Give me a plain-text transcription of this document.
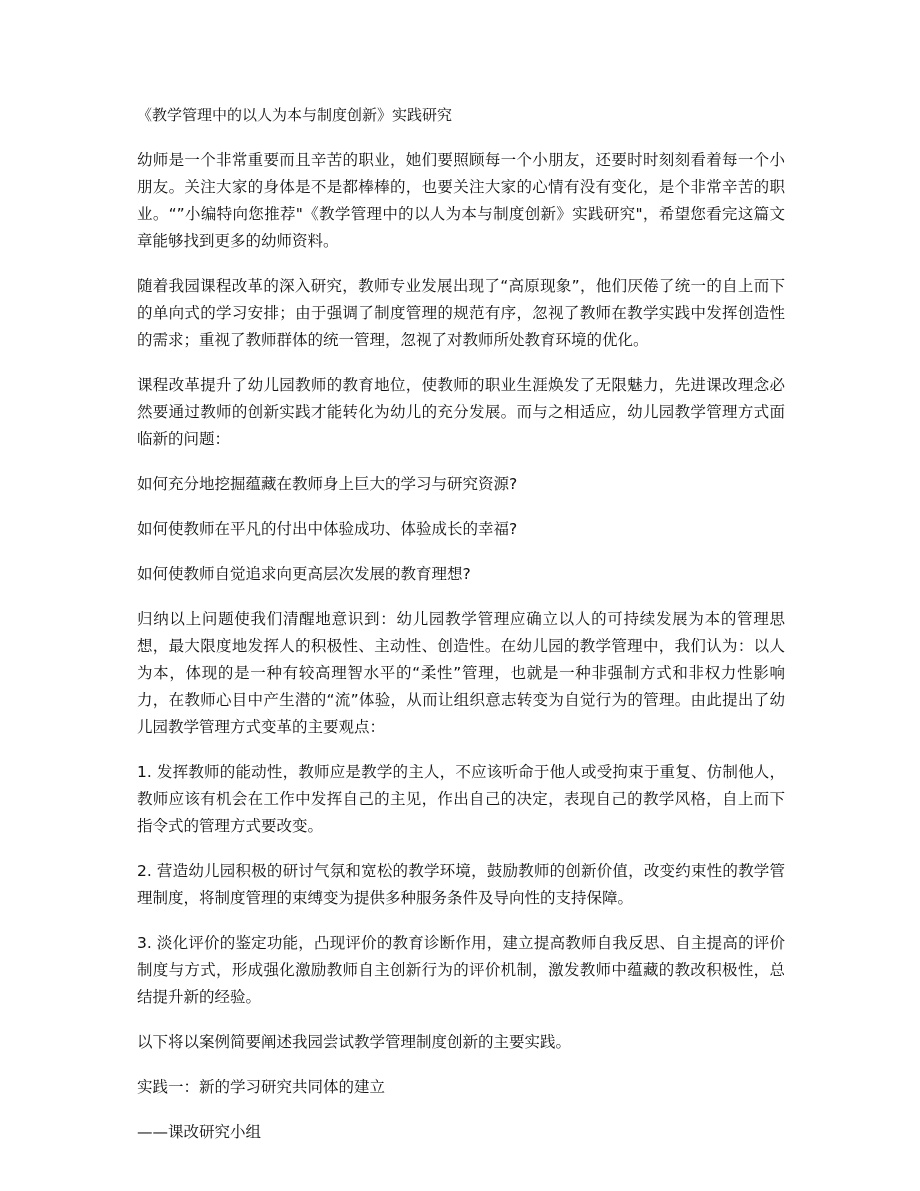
《教学管理中的以人为本与制度创新》实践研究

幼师是一个非常重要而且辛苦的职业，她们要照顾每一个小朋友，还要时时刻刻看着每一个小朋友。关注大家的身体是不是都棒棒的，也要关注大家的心情有没有变化，是个非常辛苦的职业。“”小编特向您推荐"《教学管理中的以人为本与制度创新》实践研究"，希望您看完这篇文章能够找到更多的幼师资料。

随着我园课程改革的深入研究，教师专业发展出现了“高原现象”，他们厌倦了统一的自上而下的单向式的学习安排；由于强调了制度管理的规范有序，忽视了教师在教学实践中发挥创造性的需求；重视了教师群体的统一管理，忽视了对教师所处教育环境的优化。

课程改革提升了幼儿园教师的教育地位，使教师的职业生涯焕发了无限魅力，先进课改理念必然要通过教师的创新实践才能转化为幼儿的充分发展。而与之相适应，幼儿园教学管理方式面临新的问题：

如何充分地挖掘蕴藏在教师身上巨大的学习与研究资源?

如何使教师在平凡的付出中体验成功、体验成长的幸福?

如何使教师自觉追求向更高层次发展的教育理想?

归纳以上问题使我们清醒地意识到：幼儿园教学管理应确立以人的可持续发展为本的管理思想，最大限度地发挥人的积极性、主动性、创造性。在幼儿园的教学管理中，我们认为：以人为本，体现的是一种有较高理智水平的“柔性”管理，也就是一种非强制方式和非权力性影响力，在教师心目中产生潜的“流”体验，从而让组织意志转变为自觉行为的管理。由此提出了幼儿园教学管理方式变革的主要观点：

1. 发挥教师的能动性，教师应是教学的主人，不应该听命于他人或受拘束于重复、仿制他人，教师应该有机会在工作中发挥自己的主见，作出自己的决定，表现自己的教学风格，自上而下指令式的管理方式要改变。

2. 营造幼儿园积极的研讨气氛和宽松的教学环境，鼓励教师的创新价值，改变约束性的教学管理制度，将制度管理的束缚变为提供多种服务条件及导向性的支持保障。

3. 淡化评价的鉴定功能，凸现评价的教育诊断作用，建立提高教师自我反思、自主提高的评价制度与方式，形成强化激励教师自主创新行为的评价机制，激发教师中蕴藏的教改积极性，总结提升新的经验。

以下将以案例简要阐述我园尝试教学管理制度创新的主要实践。

实践一：新的学习研究共同体的建立

——课改研究小组
